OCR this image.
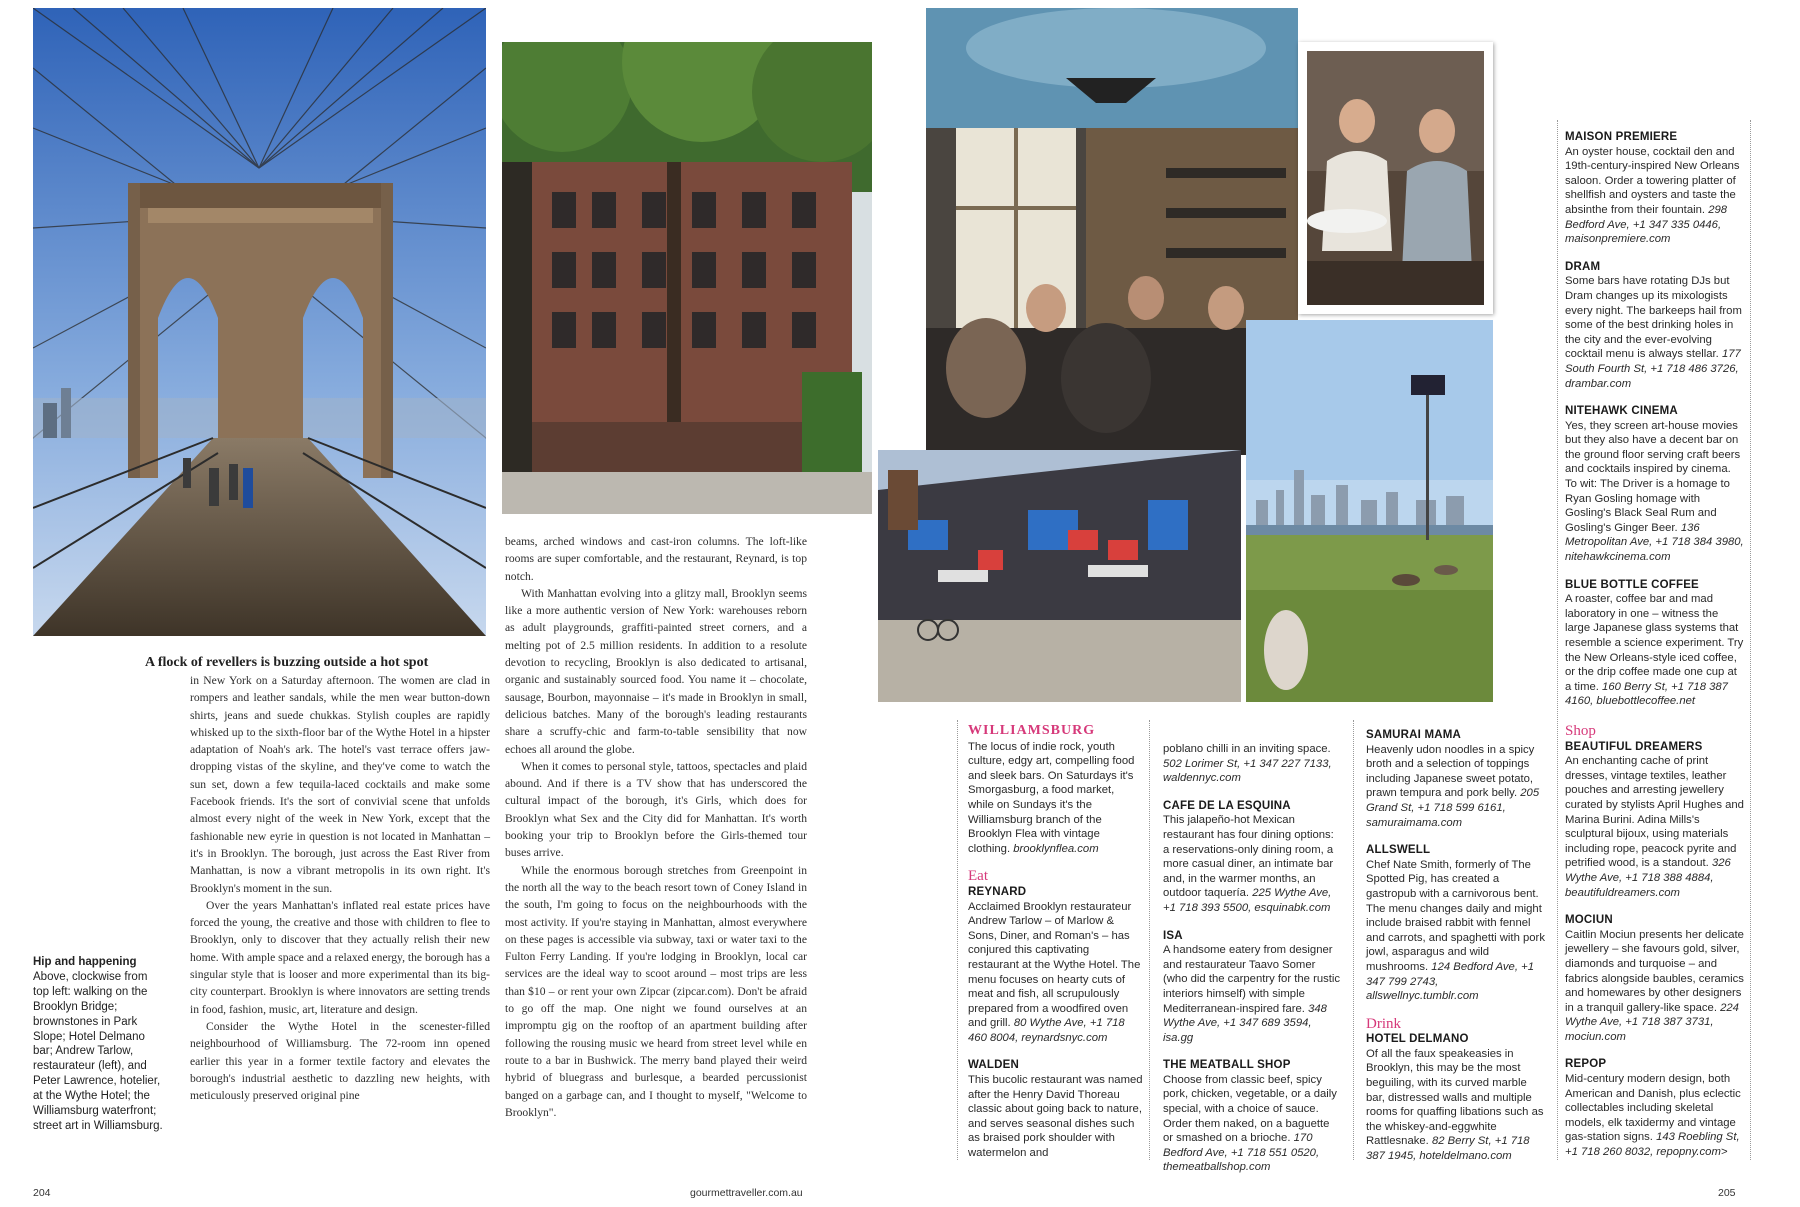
A flock of revellers is buzzing outside a hot spot

in New York on a Saturday afternoon. The women are clad in rompers and leather sandals, while the men wear button-down shirts, jeans and suede chukkas. Stylish couples are rapidly whisked up to the sixth-floor bar of the Wythe Hotel in a hipster adaptation of Noah's ark. The hotel's vast terrace offers jaw-dropping vistas of the skyline, and they've come to watch the sun set, down a few tequila-laced cocktails and make some Facebook friends. It's the sort of convivial scene that unfolds almost every night of the week in New York, except that the fashionable new eyrie in question is not located in Manhattan – it's in Brooklyn. The borough, just across the East River from Manhattan, is now a vibrant metropolis in its own right. It's Brooklyn's moment in the sun.

Over the years Manhattan's inflated real estate prices have forced the young, the creative and those with children to flee to Brooklyn, only to discover that they actually relish their new home. With ample space and a relaxed energy, the borough has a singular style that is looser and more experimental than its big-city counterpart. Brooklyn is where innovators are setting trends in food, fashion, music, art, literature and design.

Consider the Wythe Hotel in the scenester-filled neighbourhood of Williamsburg. The 72-room inn opened earlier this year in a former textile factory and elevates the borough's industrial aesthetic to dazzling new heights, with meticulously preserved original pine

beams, arched windows and cast-iron columns. The loft-like rooms are super comfortable, and the restaurant, Reynard, is top notch.

With Manhattan evolving into a glitzy mall, Brooklyn seems like a more authentic version of New York: warehouses reborn as adult playgrounds, graffiti-painted street corners, and a melting pot of 2.5 million residents. In addition to a resolute devotion to recycling, Brooklyn is also dedicated to artisanal, organic and sustainably sourced food. You name it – chocolate, sausage, Bourbon, mayonnaise – it's made in Brooklyn in small, delicious batches. Many of the borough's leading restaurants share a scruffy-chic and farm-to-table sensibility that now echoes all around the globe.

When it comes to personal style, tattoos, spectacles and plaid abound. And if there is a TV show that has underscored the cultural impact of the borough, it's Girls, which does for Brooklyn what Sex and the City did for Manhattan. It's worth booking your trip to Brooklyn before the Girls-themed tour buses arrive.

While the enormous borough stretches from Greenpoint in the north all the way to the beach resort town of Coney Island in the south, I'm going to focus on the neighbourhoods with the most activity. If you're staying in Manhattan, almost everywhere on these pages is accessible via subway, taxi or water taxi to the Fulton Ferry Landing. If you're lodging in Brooklyn, local car services are the ideal way to scoot around – most trips are less than $10 – or rent your own Zipcar (zipcar.com). Don't be afraid to go off the map. One night we found ourselves at an impromptu gig on the rooftop of an apartment building after following the rousing music we heard from street level while en route to a bar in Bushwick. The merry band played their weird hybrid of bluegrass and burlesque, a bearded percussionist banged on a garbage can, and I thought to myself, "Welcome to Brooklyn".

Hip and happening
Above, clockwise from top left: walking on the Brooklyn Bridge; brownstones in Park Slope; Hotel Delmano bar; Andrew Tarlow, restaurateur (left), and Peter Lawrence, hotelier, at the Wythe Hotel; the Williamsburg waterfront; street art in Williamsburg.
WILLIAMSBURG
The locus of indie rock, youth culture, edgy art, compelling food and sleek bars. On Saturdays it's Smorgasburg, a food market, while on Sundays it's the Williamsburg branch of the Brooklyn Flea with vintage clothing. brooklynflea.com
Eat
REYNARD
Acclaimed Brooklyn restaurateur Andrew Tarlow – of Marlow & Sons, Diner, and Roman's – has conjured this captivating restaurant at the Wythe Hotel. The menu focuses on hearty cuts of meat and fish, all scrupulously prepared from a woodfired oven and grill. 80 Wythe Ave, +1 718 460 8004, reynardsnyc.com
WALDEN
This bucolic restaurant was named after the Henry David Thoreau classic about going back to nature, and serves seasonal dishes such as braised pork shoulder with watermelon and
poblano chilli in an inviting space. 502 Lorimer St, +1 347 227 7133, waldennyc.com
CAFE DE LA ESQUINA
This jalapeño-hot Mexican restaurant has four dining options: a reservations-only dining room, a more casual diner, an intimate bar and, in the warmer months, an outdoor taquería. 225 Wythe Ave, +1 718 393 5500, esquinabk.com
ISA
A handsome eatery from designer and restaurateur Taavo Somer (who did the carpentry for the rustic interiors himself) with simple Mediterranean-inspired fare. 348 Wythe Ave, +1 347 689 3594, isa.gg
THE MEATBALL SHOP
Choose from classic beef, spicy pork, chicken, vegetable, or a daily special, with a choice of sauce. Order them naked, on a baguette or smashed on a brioche. 170 Bedford Ave, +1 718 551 0520, themeatballshop.com
SAMURAI MAMA
Heavenly udon noodles in a spicy broth and a selection of toppings including Japanese sweet potato, prawn tempura and pork belly. 205 Grand St, +1 718 599 6161, samuraimama.com
ALLSWELL
Chef Nate Smith, formerly of The Spotted Pig, has created a gastropub with a carnivorous bent. The menu changes daily and might include braised rabbit with fennel and carrots, and spaghetti with pork jowl, asparagus and wild mushrooms. 124 Bedford Ave, +1 347 799 2743, allswellnyc.tumblr.com
Drink
HOTEL DELMANO
Of all the faux speakeasies in Brooklyn, this may be the most beguiling, with its curved marble bar, distressed walls and multiple rooms for quaffing libations such as the whiskey-and-eggwhite Rattlesnake. 82 Berry St, +1 718 387 1945, hoteldelmano.com
MAISON PREMIERE
An oyster house, cocktail den and 19th-century-inspired New Orleans saloon. Order a towering platter of shellfish and oysters and taste the absinthe from their fountain. 298 Bedford Ave, +1 347 335 0446, maisonpremiere.com
DRAM
Some bars have rotating DJs but Dram changes up its mixologists every night. The barkeeps hail from some of the best drinking holes in the city and the ever-evolving cocktail menu is always stellar. 177 South Fourth St, +1 718 486 3726, drambar.com
NITEHAWK CINEMA
Yes, they screen art-house movies but they also have a decent bar on the ground floor serving craft beers and cocktails inspired by cinema. To wit: The Driver is a homage to Ryan Gosling homage with Gosling's Black Seal Rum and Gosling's Ginger Beer. 136 Metropolitan Ave, +1 718 384 3980, nitehawkcinema.com
BLUE BOTTLE COFFEE
A roaster, coffee bar and mad laboratory in one – witness the large Japanese glass systems that resemble a science experiment. Try the New Orleans-style iced coffee, or the drip coffee made one cup at a time. 160 Berry St, +1 718 387 4160, bluebottlecoffee.net
Shop
BEAUTIFUL DREAMERS
An enchanting cache of print dresses, vintage textiles, leather pouches and arresting jewellery curated by stylists April Hughes and Marina Burini. Adina Mills's sculptural bijoux, using materials including rope, peacock pyrite and petrified wood, is a standout. 326 Wythe Ave, +1 718 388 4884, beautifuldreamers.com
MOCIUN
Caitlin Mociun presents her delicate jewellery – she favours gold, silver, diamonds and turquoise – and fabrics alongside baubles, ceramics and homewares by other designers in a tranquil gallery-like space. 224 Wythe Ave, +1 718 387 3731, mociun.com
REPOP
Mid-century modern design, both American and Danish, plus eclectic collectables including skeletal models, elk taxidermy and vintage gas-station signs. 143 Roebling St, +1 718 260 8032, repopny.com>
204	gourmettraveller.com.au	205
